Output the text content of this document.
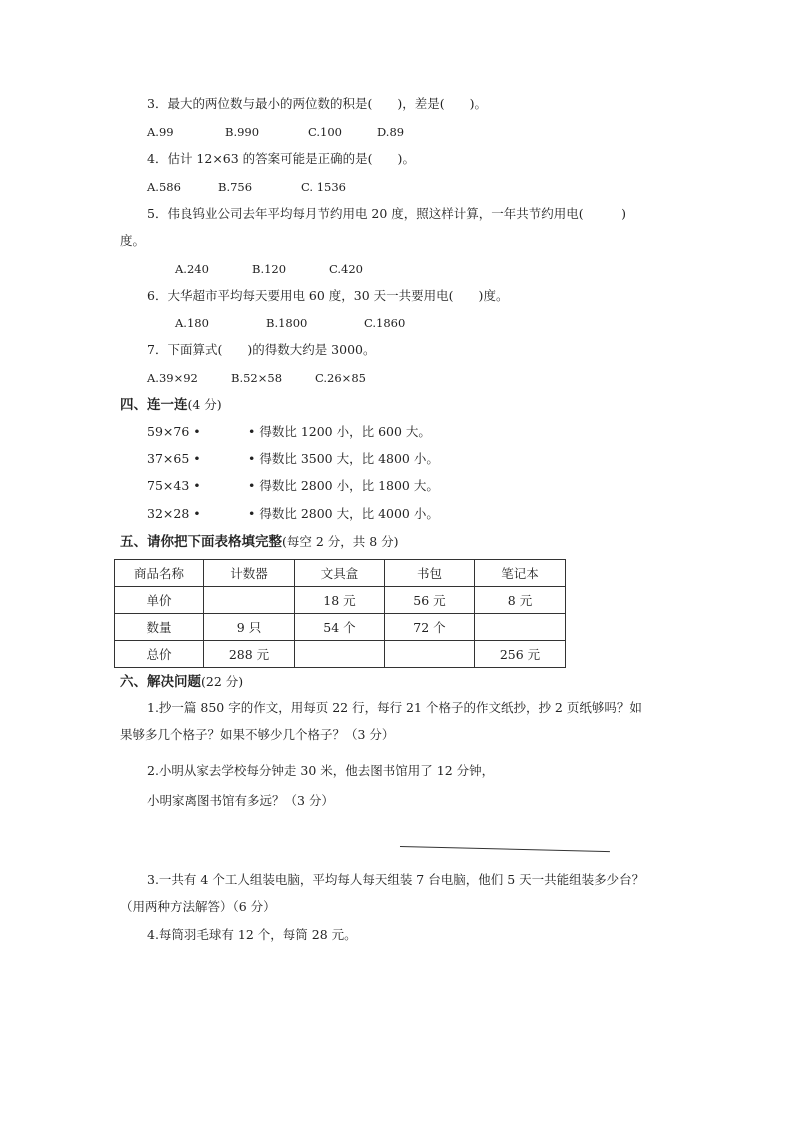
3．最大的两位数与最小的两位数的积是(　　)，差是(　　)。
A.99	B.990	C.100	D.89
4．估计 12×63 的答案可能是正确的是(　　)。
A.586	B.756	C. 1536
5．伟良钨业公司去年平均每月节约用电 20 度，照这样计算，一年共节约用电(　　　)
度。
A.240	B.120	C.420
6．大华超市平均每天要用电 60 度，30 天一共要用电(　　)度。
A.180	B.1800	C.1860
7．下面算式(　　)的得数大约是 3000。
A.39×92	B.52×58	C.26×85
四、连一连(4 分)
59×76 •
37×65 •
75×43 •
32×28 •
• 得数比 1200 小，比 600 大。
• 得数比 3500 大，比 4800 小。
• 得数比 2800 小，比 1800 大。
• 得数比 2800 大，比 4000 小。
五、请你把下面表格填完整(每空 2 分，共 8 分)
商品名称	计数器	文具盒	书包	笔记本
单价		18 元	56 元	8 元
数量	9 只	54 个	72 个	
总价	288 元			256 元
六、解决问题(22 分)
1.抄一篇 850 字的作文，用每页 22 行，每行 21 个格子的作文纸抄，抄 2 页纸够吗？如
果够多几个格子？如果不够少几个格子？（3 分）
2.小明从家去学校每分钟走 30 米，他去图书馆用了 12 分钟，
小明家离图书馆有多远？（3 分）
3.一共有 4 个工人组装电脑，平均每人每天组装 7 台电脑，他们 5 天一共能组装多少台？
（用两种方法解答）（6 分）
4.每筒羽毛球有 12 个，每筒 28 元。
